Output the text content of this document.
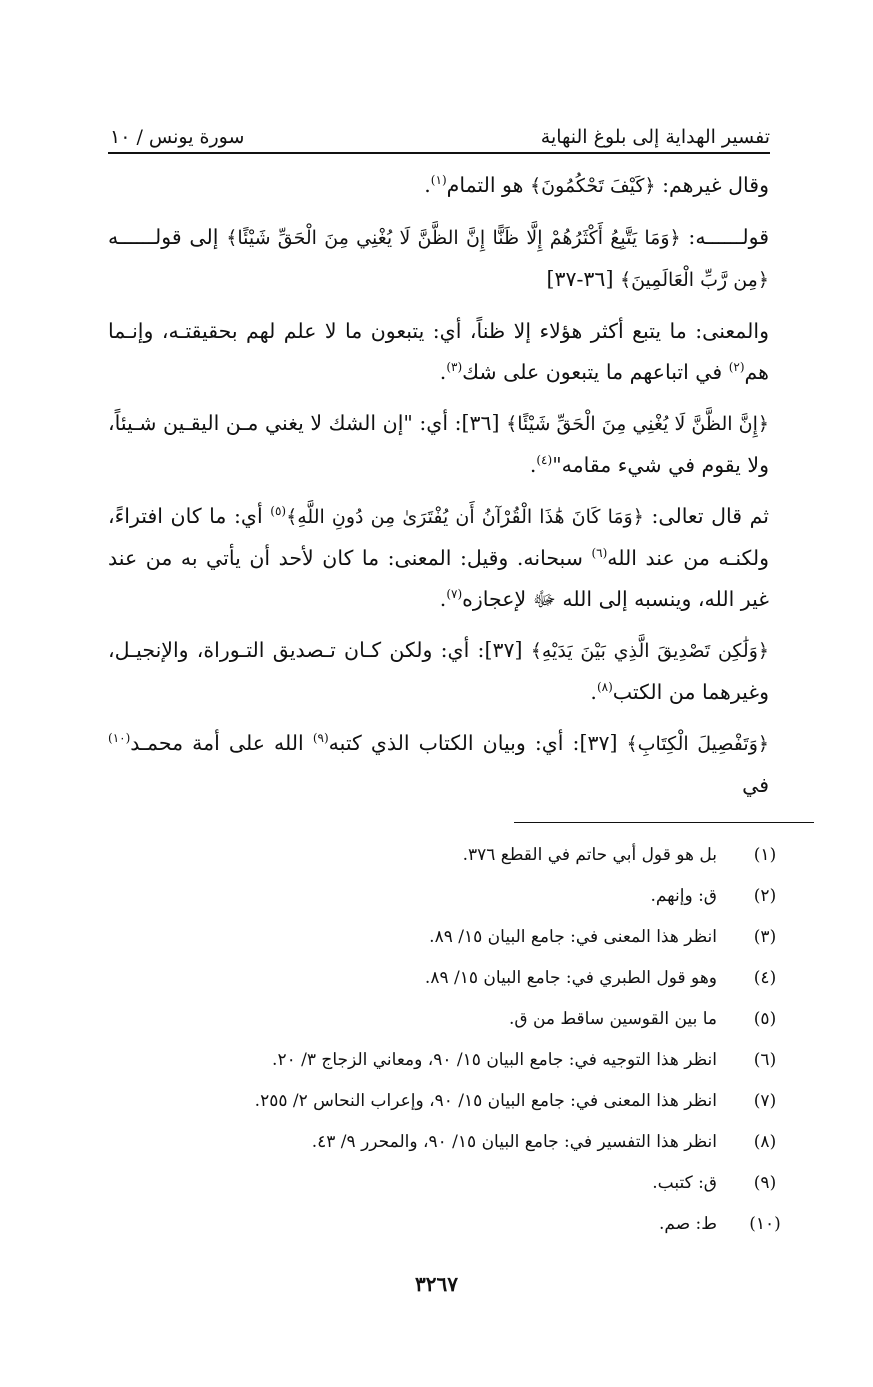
تفسير الهداية إلى بلوغ النهاية
سورة يونس / ١٠

وقال غيرهم: ﴿كَيْفَ تَحْكُمُونَ﴾ هو التمام$^{(١)}$.

قولــــــه: ﴿وَمَا يَتَّبِعُ أَكْثَرُهُمْ إِلَّا ظَنًّا إِنَّ الظَّنَّ لَا يُغْنِي مِنَ الْحَقِّ شَيْئًا﴾ إلى قولــــــه ﴿مِن رَّبِّ الْعَالَمِينَ﴾ [٣٦-٣٧]

والمعنى: ما يتبع أكثر هؤلاء إلا ظناً، أي: يتبعون ما لا علم لهم بحقيقتـه، وإنـما هم$^{(٢)}$ في اتباعهم ما يتبعون على شك$^{(٣)}$.

﴿إِنَّ الظَّنَّ لَا يُغْنِي مِنَ الْحَقِّ شَيْئًا﴾ [٣٦]: أي: "إن الشك لا يغني مـن اليقـين شـيئاً، ولا يقوم في شيء مقامه"$^{(٤)}$.

ثم قال تعالى: ﴿وَمَا كَانَ هَٰذَا الْقُرْآنُ أَن يُفْتَرَىٰ مِن دُونِ اللَّهِ﴾$^{(٥)}$ أي: ما كان افتراءً، ولكنـه من عند الله$^{(٦)}$ سبحانه. وقيل: المعنى: ما كان لأحد أن يأتي به من عند غير الله، وينسبه إلى الله ﷻ لإعجازه$^{(٧)}$.

﴿وَلَٰكِن تَصْدِيقَ الَّذِي بَيْنَ يَدَيْهِ﴾ [٣٧]: أي: ولكن كـان تـصديق التـوراة، والإنجيـل، وغيرهما من الكتب$^{(٨)}$.

﴿وَتَفْصِيلَ الْكِتَابِ﴾ [٣٧]: أي: وبيان الكتاب الذي كتبه$^{(٩)}$ الله على أمة محمـد$^{(١٠)}$ في

(١)
بل هو قول أبي حاتم في القطع ٣٧٦.
(٢)
ق: وإنهم.
(٣)
انظر هذا المعنى في: جامع البيان ١٥/ ٨٩.
(٤)
وهو قول الطبري في: جامع البيان ١٥/ ٨٩.
(٥)
ما بين القوسين ساقط من ق.
(٦)
انظر هذا التوجيه في: جامع البيان ١٥/ ٩٠، ومعاني الزجاج ٣/ ٢٠.
(٧)
انظر هذا المعنى في: جامع البيان ١٥/ ٩٠، وإعراب النحاس ٢/ ٢٥٥.
(٨)
انظر هذا التفسير في: جامع البيان ١٥/ ٩٠، والمحرر ٩/ ٤٣.
(٩)
ق: كتبب.
(١٠)
ط: صم.
٣٢٦٧
